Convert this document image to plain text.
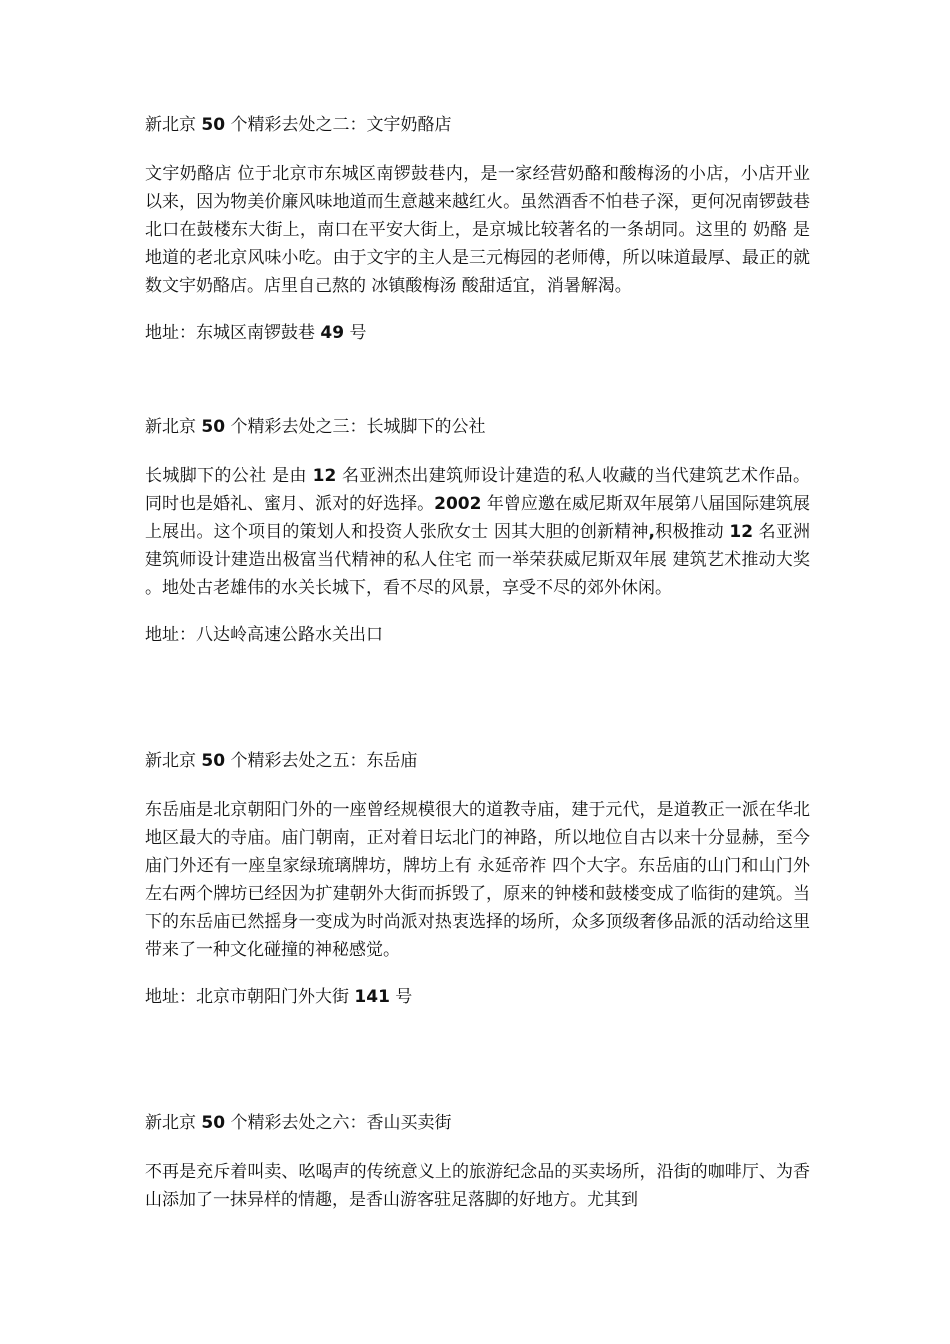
新北京 50 个精彩去处之二：文宇奶酪店

文宇奶酪店 位于北京市东城区南锣鼓巷内，是一家经营奶酪和酸梅汤的小店，小店开业以来，因为物美价廉风味地道而生意越来越红火。虽然酒香不怕巷子深，更何况南锣鼓巷北口在鼓楼东大街上，南口在平安大街上，是京城比较著名的一条胡同。这里的 奶酪 是地道的老北京风味小吃。由于文宇的主人是三元梅园的老师傅，所以味道最厚、最正的就数文宇奶酪店。店里自己熬的 冰镇酸梅汤 酸甜适宜，消暑解渴。

地址：东城区南锣鼓巷 49 号

新北京 50 个精彩去处之三：长城脚下的公社

长城脚下的公社 是由 12 名亚洲杰出建筑师设计建造的私人收藏的当代建筑艺术作品。同时也是婚礼、蜜月、派对的好选择。2002 年曾应邀在威尼斯双年展第八届国际建筑展上展出。这个项目的策划人和投资人张欣女士 因其大胆的创新精神,积极推动 12 名亚洲建筑师设计建造出极富当代精神的私人住宅 而一举荣获威尼斯双年展 建筑艺术推动大奖 。地处古老雄伟的水关长城下，看不尽的风景，享受不尽的郊外休闲。

地址：八达岭高速公路水关出口

新北京 50 个精彩去处之五：东岳庙

东岳庙是北京朝阳门外的一座曾经规模很大的道教寺庙，建于元代，是道教正一派在华北地区最大的寺庙。庙门朝南，正对着日坛北门的神路，所以地位自古以来十分显赫，至今庙门外还有一座皇家绿琉璃牌坊，牌坊上有 永延帝祚 四个大字。东岳庙的山门和山门外左右两个牌坊已经因为扩建朝外大街而拆毁了，原来的钟楼和鼓楼变成了临街的建筑。当下的东岳庙已然摇身一变成为时尚派对热衷选择的场所，众多顶级奢侈品派的活动给这里带来了一种文化碰撞的神秘感觉。

地址：北京市朝阳门外大街 141 号

新北京 50 个精彩去处之六：香山买卖街

不再是充斥着叫卖、吆喝声的传统意义上的旅游纪念品的买卖场所，沿街的咖啡厅、为香山添加了一抹异样的情趣，是香山游客驻足落脚的好地方。尤其到
